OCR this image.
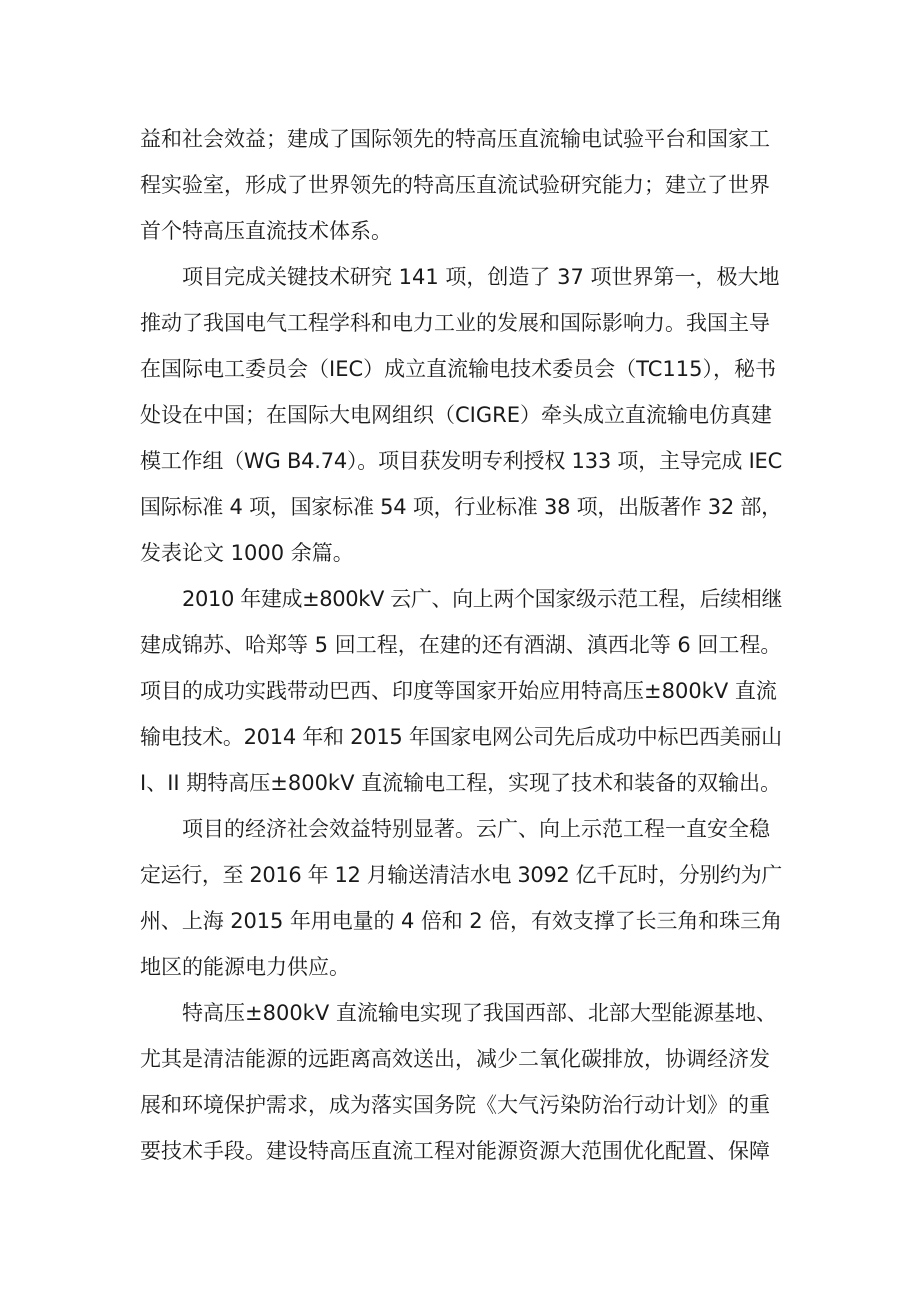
益和社会效益；建成了国际领先的特高压直流输电试验平台和国家工
程实验室，形成了世界领先的特高压直流试验研究能力；建立了世界
首个特高压直流技术体系。

项目完成关键技术研究 141 项，创造了 37 项世界第一，极大地
推动了我国电气工程学科和电力工业的发展和国际影响力。我国主导
在国际电工委员会（IEC）成立直流输电技术委员会（TC115），秘书
处设在中国；在国际大电网组织（CIGRE）牵头成立直流输电仿真建
模工作组（WG B4.74）。项目获发明专利授权 133 项，主导完成 IEC
国际标准 4 项，国家标准 54 项，行业标准 38 项，出版著作 32 部，
发表论文 1000 余篇。

2010 年建成±800kV 云广、向上两个国家级示范工程，后续相继
建成锦苏、哈郑等 5 回工程，在建的还有酒湖、滇西北等 6 回工程。
项目的成功实践带动巴西、印度等国家开始应用特高压±800kV 直流
输电技术。2014 年和 2015 年国家电网公司先后成功中标巴西美丽山
I、II 期特高压±800kV 直流输电工程，实现了技术和装备的双输出。

项目的经济社会效益特别显著。云广、向上示范工程一直安全稳
定运行，至 2016 年 12 月输送清洁水电 3092 亿千瓦时，分别约为广
州、上海 2015 年用电量的 4 倍和 2 倍，有效支撑了长三角和珠三角
地区的能源电力供应。

特高压±800kV 直流输电实现了我国西部、北部大型能源基地、
尤其是清洁能源的远距离高效送出，减少二氧化碳排放，协调经济发
展和环境保护需求，成为落实国务院《大气污染防治行动计划》的重
要技术手段。建设特高压直流工程对能源资源大范围优化配置、保障
